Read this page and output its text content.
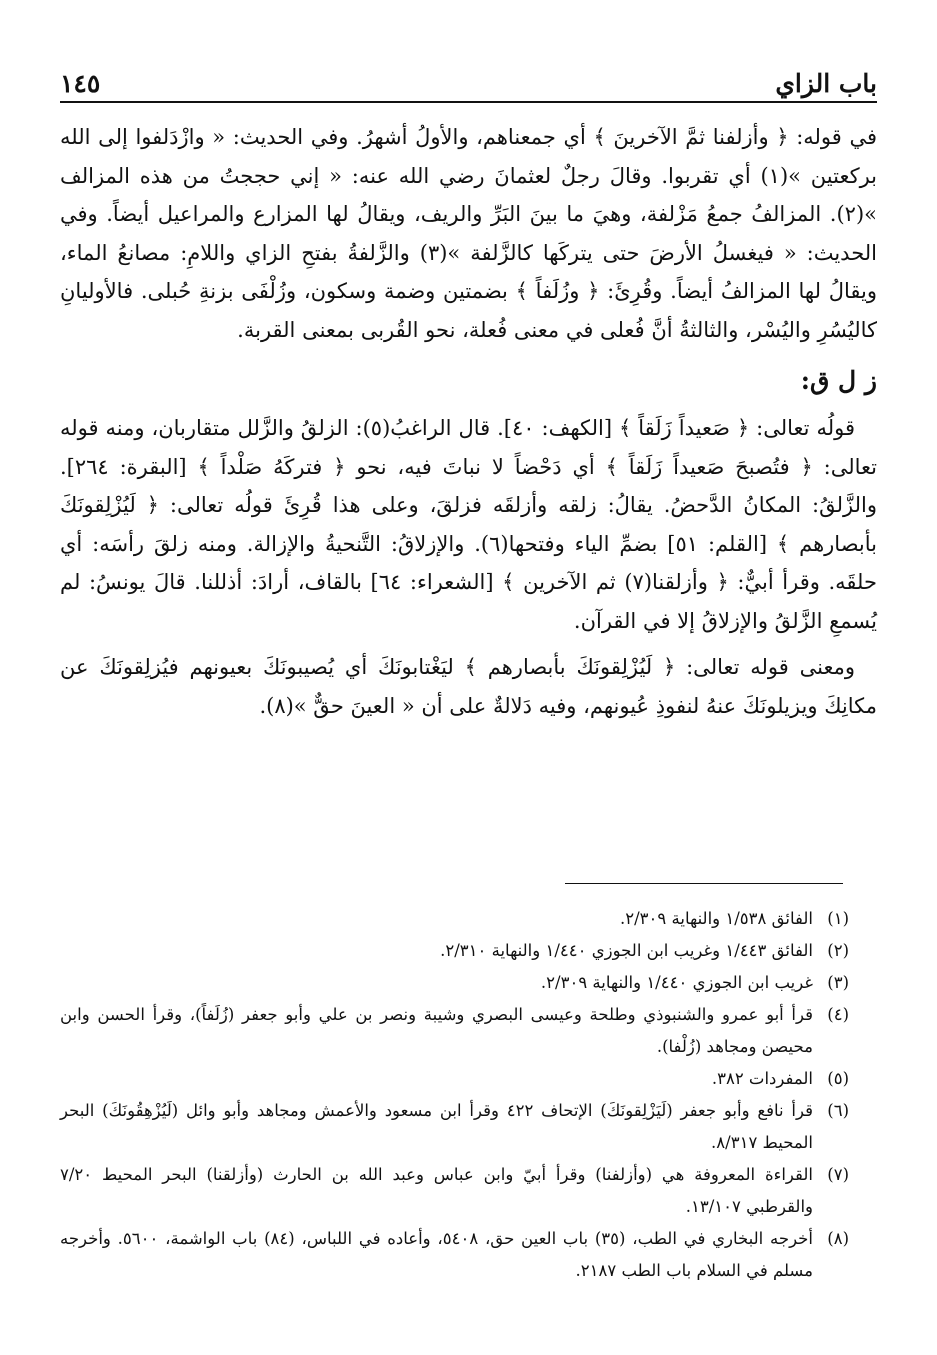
باب الزاي
١٤٥

في قوله: ﴿ وأزلفنا ثمَّ الآخرينَ ﴾ أي جمعناهم، والأولُ أشهرُ. وفي الحديث: « وازْدَلفوا إلى الله بركعتين »(١) أي تقربوا. وقالَ رجلٌ لعثمانَ رضي الله عنه: « إني حججتُ من هذه المزالف »(٢). المزالفُ جمعُ مَزْلفة، وهيَ ما بينَ البَرِّ والريف، ويقالُ لها المزارع والمراعيل أيضاً. وفي الحديث: « فيغسلُ الأرضَ حتى يتركَها كالزَّلفة »(٣) والزَّلفةُ بفتحِ الزاي واللامِ: مصانعُ الماء، ويقالُ لها المزالفُ أيضاً. وقُرِئَ: ﴿ وزُلَفاً ﴾ بضمتين وضمة وسكون، وزُلْفَى بزنةِ حُبلى. فالأوليانِ كاليُسُرِ واليُسْر، والثالثةُ أنَّ فُعلى في معنى فُعلة، نحو القُربى بمعنى القربة.

ز ل ق:

قولُه تعالى: ﴿ صَعيداً زَلَقاً ﴾ [الكهف: ٤٠]. قال الراغبُ(٥): الزلقُ والزَّلل متقاربان، ومنه قوله تعالى: ﴿ فتُصبحَ صَعيداً زَلَقاً ﴾ أي دَحْضاً لا نباتَ فيه، نحو ﴿ فتركَهُ صَلْداً ﴾ [البقرة: ٢٦٤]. والزَّلقُ: المكانُ الدَّحضُ. يقالُ: زلقه وأزلقَه فزلقَ، وعلى هذا قُرِئَ قولُه تعالى: ﴿ لَيُزْلِقونَكَ بأبصارهم ﴾ [القلم: ٥١] بضمِّ الياء وفتحها(٦). والإزلاقُ: التَّنحيةُ والإزالة. ومنه زلقَ رأسَه: أي حلقَه. وقرأ أبيٌّ: ﴿ وأزلقنا(٧) ثم الآخرين ﴾ [الشعراء: ٦٤] بالقاف، أرادَ: أذللنا. قالَ يونسُ: لم يُسمعِ الزَّلقُ والإزلاقُ إلا في القرآن.

ومعنى قوله تعالى: ﴿ لَيُزْلِقونَكَ بأبصارهم ﴾ ليَغْتابونَكَ أي يُصيبونَكَ بعيونهم فيُزلِقونَكَ عن مكانِكَ ويزيلونَكَ عنهُ لنفوذِ عُيونهم، وفيه دَلالةٌ على أن « العينَ حقٌّ »(٨).

(١)
الفائق ١/٥٣٨ والنهاية ٢/٣٠٩.
(٢)
الفائق ١/٤٤٣ وغريب ابن الجوزي ١/٤٤٠ والنهاية ٢/٣١٠.
(٣)
غريب ابن الجوزي ١/٤٤٠ والنهاية ٢/٣٠٩.
(٤)
قرأ أبو عمرو والشنبوذي وطلحة وعيسى البصري وشيبة ونصر بن علي وأبو جعفر (زُلَفاً)، وقرأ الحسن وابن محيصن ومجاهد (زُلْفا).
(٥)
المفردات ٣٨٢.
(٦)
قرأ نافع وأبو جعفر (لَيَزْلِقونَكَ) الإتحاف ٤٢٢ وقرأ ابن مسعود والأعمش ومجاهد وأبو وائل (لَيُزْهِقُونَكَ) البحر المحيط ٨/٣١٧.
(٧)
القراءة المعروفة هي (وأزلفنا) وقرأ أبيّ وابن عباس وعبد الله بن الحارث (وأزلقنا) البحر المحيط ٧/٢٠ والقرطبي ١٣/١٠٧.
(٨)
أخرجه البخاري في الطب، (٣٥) باب العين حق، ٥٤٠٨، وأعاده في اللباس، (٨٤) باب الواشمة، ٥٦٠٠. وأخرجه مسلم في السلام باب الطب ٢١٨٧.
